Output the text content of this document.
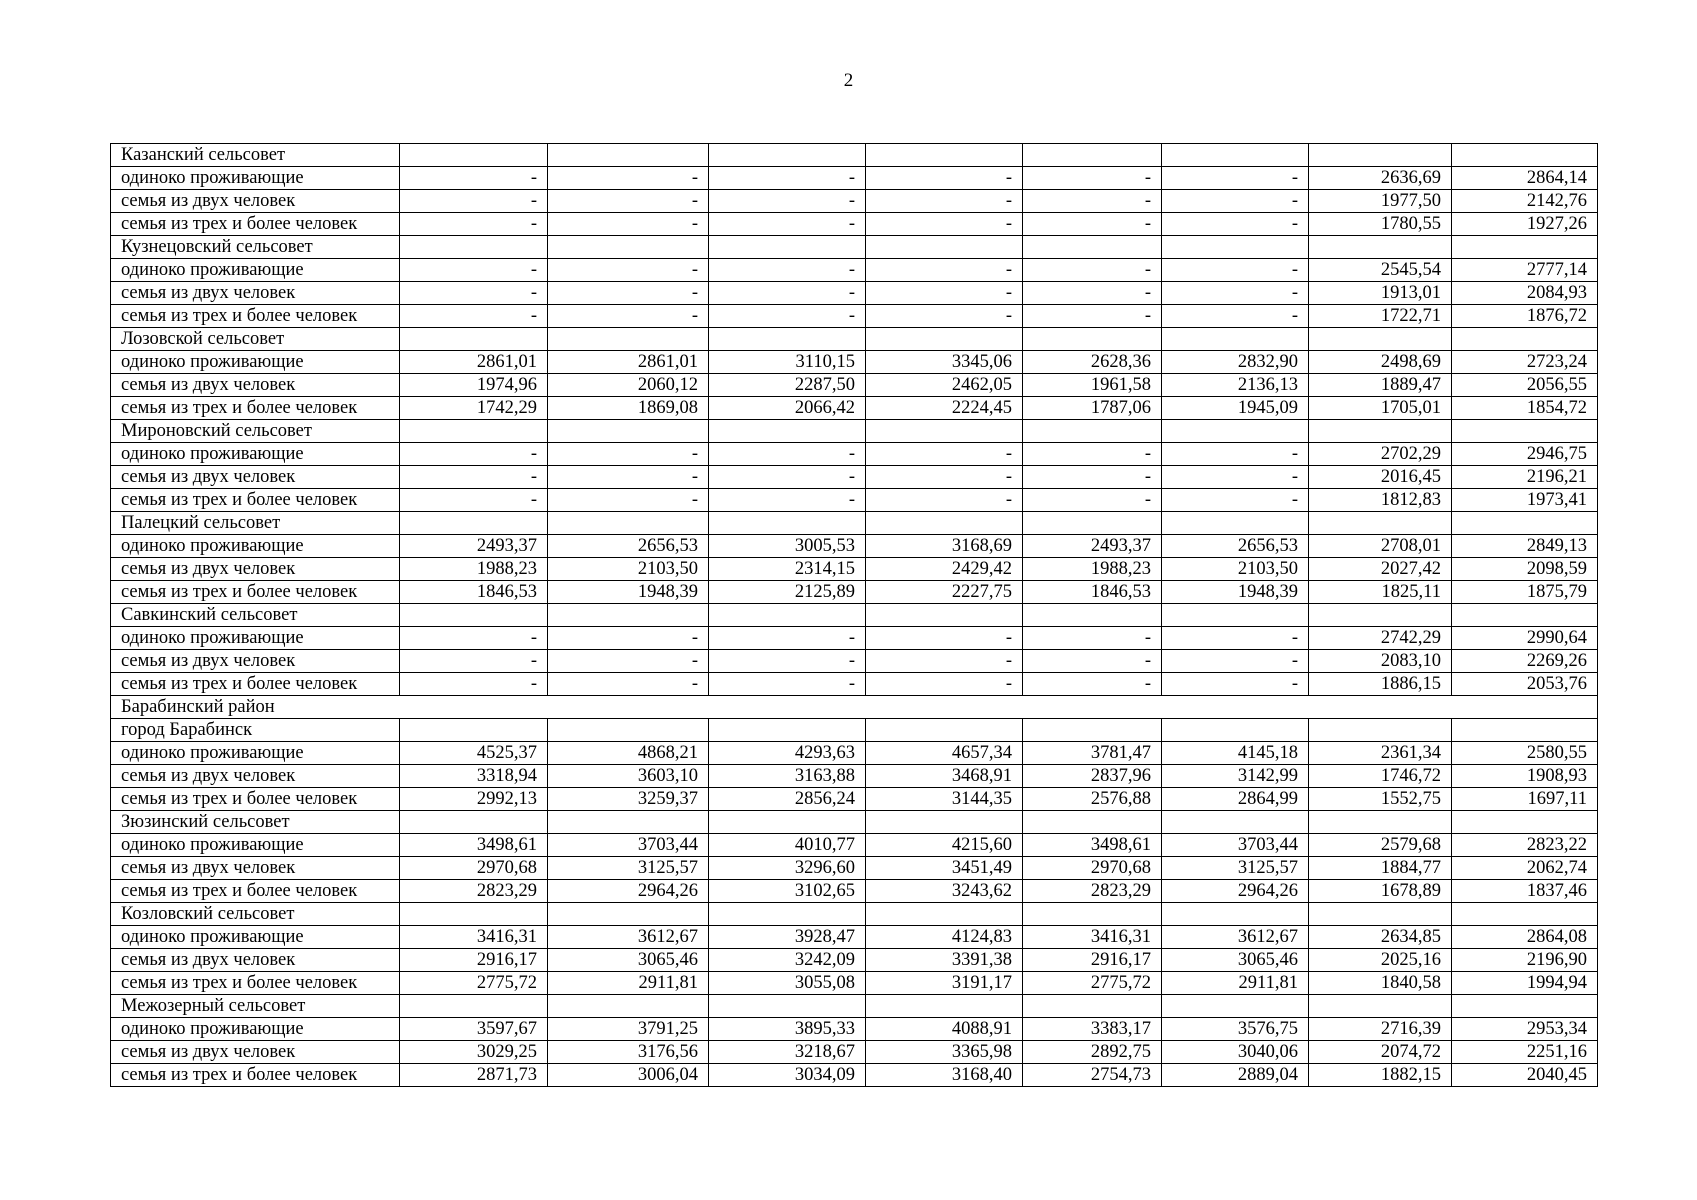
2
Казанский сельсовет								
одиноко проживающие	-	-	-	-	-	-	2636,69	2864,14
семья из двух человек	-	-	-	-	-	-	1977,50	2142,76
семья из трех и более человек	-	-	-	-	-	-	1780,55	1927,26
Кузнецовский сельсовет								
одиноко проживающие	-	-	-	-	-	-	2545,54	2777,14
семья из двух человек	-	-	-	-	-	-	1913,01	2084,93
семья из трех и более человек	-	-	-	-	-	-	1722,71	1876,72
Лозовской сельсовет								
одиноко проживающие	2861,01	2861,01	3110,15	3345,06	2628,36	2832,90	2498,69	2723,24
семья из двух человек	1974,96	2060,12	2287,50	2462,05	1961,58	2136,13	1889,47	2056,55
семья из трех и более человек	1742,29	1869,08	2066,42	2224,45	1787,06	1945,09	1705,01	1854,72
Мироновский сельсовет								
одиноко проживающие	-	-	-	-	-	-	2702,29	2946,75
семья из двух человек	-	-	-	-	-	-	2016,45	2196,21
семья из трех и более человек	-	-	-	-	-	-	1812,83	1973,41
Палецкий сельсовет								
одиноко проживающие	2493,37	2656,53	3005,53	3168,69	2493,37	2656,53	2708,01	2849,13
семья из двух человек	1988,23	2103,50	2314,15	2429,42	1988,23	2103,50	2027,42	2098,59
семья из трех и более человек	1846,53	1948,39	2125,89	2227,75	1846,53	1948,39	1825,11	1875,79
Савкинский сельсовет								
одиноко проживающие	-	-	-	-	-	-	2742,29	2990,64
семья из двух человек	-	-	-	-	-	-	2083,10	2269,26
семья из трех и более человек	-	-	-	-	-	-	1886,15	2053,76
Барабинский район								
город Барабинск								
одиноко проживающие	4525,37	4868,21	4293,63	4657,34	3781,47	4145,18	2361,34	2580,55
семья из двух человек	3318,94	3603,10	3163,88	3468,91	2837,96	3142,99	1746,72	1908,93
семья из трех и более человек	2992,13	3259,37	2856,24	3144,35	2576,88	2864,99	1552,75	1697,11
Зюзинский сельсовет								
одиноко проживающие	3498,61	3703,44	4010,77	4215,60	3498,61	3703,44	2579,68	2823,22
семья из двух человек	2970,68	3125,57	3296,60	3451,49	2970,68	3125,57	1884,77	2062,74
семья из трех и более человек	2823,29	2964,26	3102,65	3243,62	2823,29	2964,26	1678,89	1837,46
Козловский сельсовет								
одиноко проживающие	3416,31	3612,67	3928,47	4124,83	3416,31	3612,67	2634,85	2864,08
семья из двух человек	2916,17	3065,46	3242,09	3391,38	2916,17	3065,46	2025,16	2196,90
семья из трех и более человек	2775,72	2911,81	3055,08	3191,17	2775,72	2911,81	1840,58	1994,94
Межозерный сельсовет								
одиноко проживающие	3597,67	3791,25	3895,33	4088,91	3383,17	3576,75	2716,39	2953,34
семья из двух человек	3029,25	3176,56	3218,67	3365,98	2892,75	3040,06	2074,72	2251,16
семья из трех и более человек	2871,73	3006,04	3034,09	3168,40	2754,73	2889,04	1882,15	2040,45
